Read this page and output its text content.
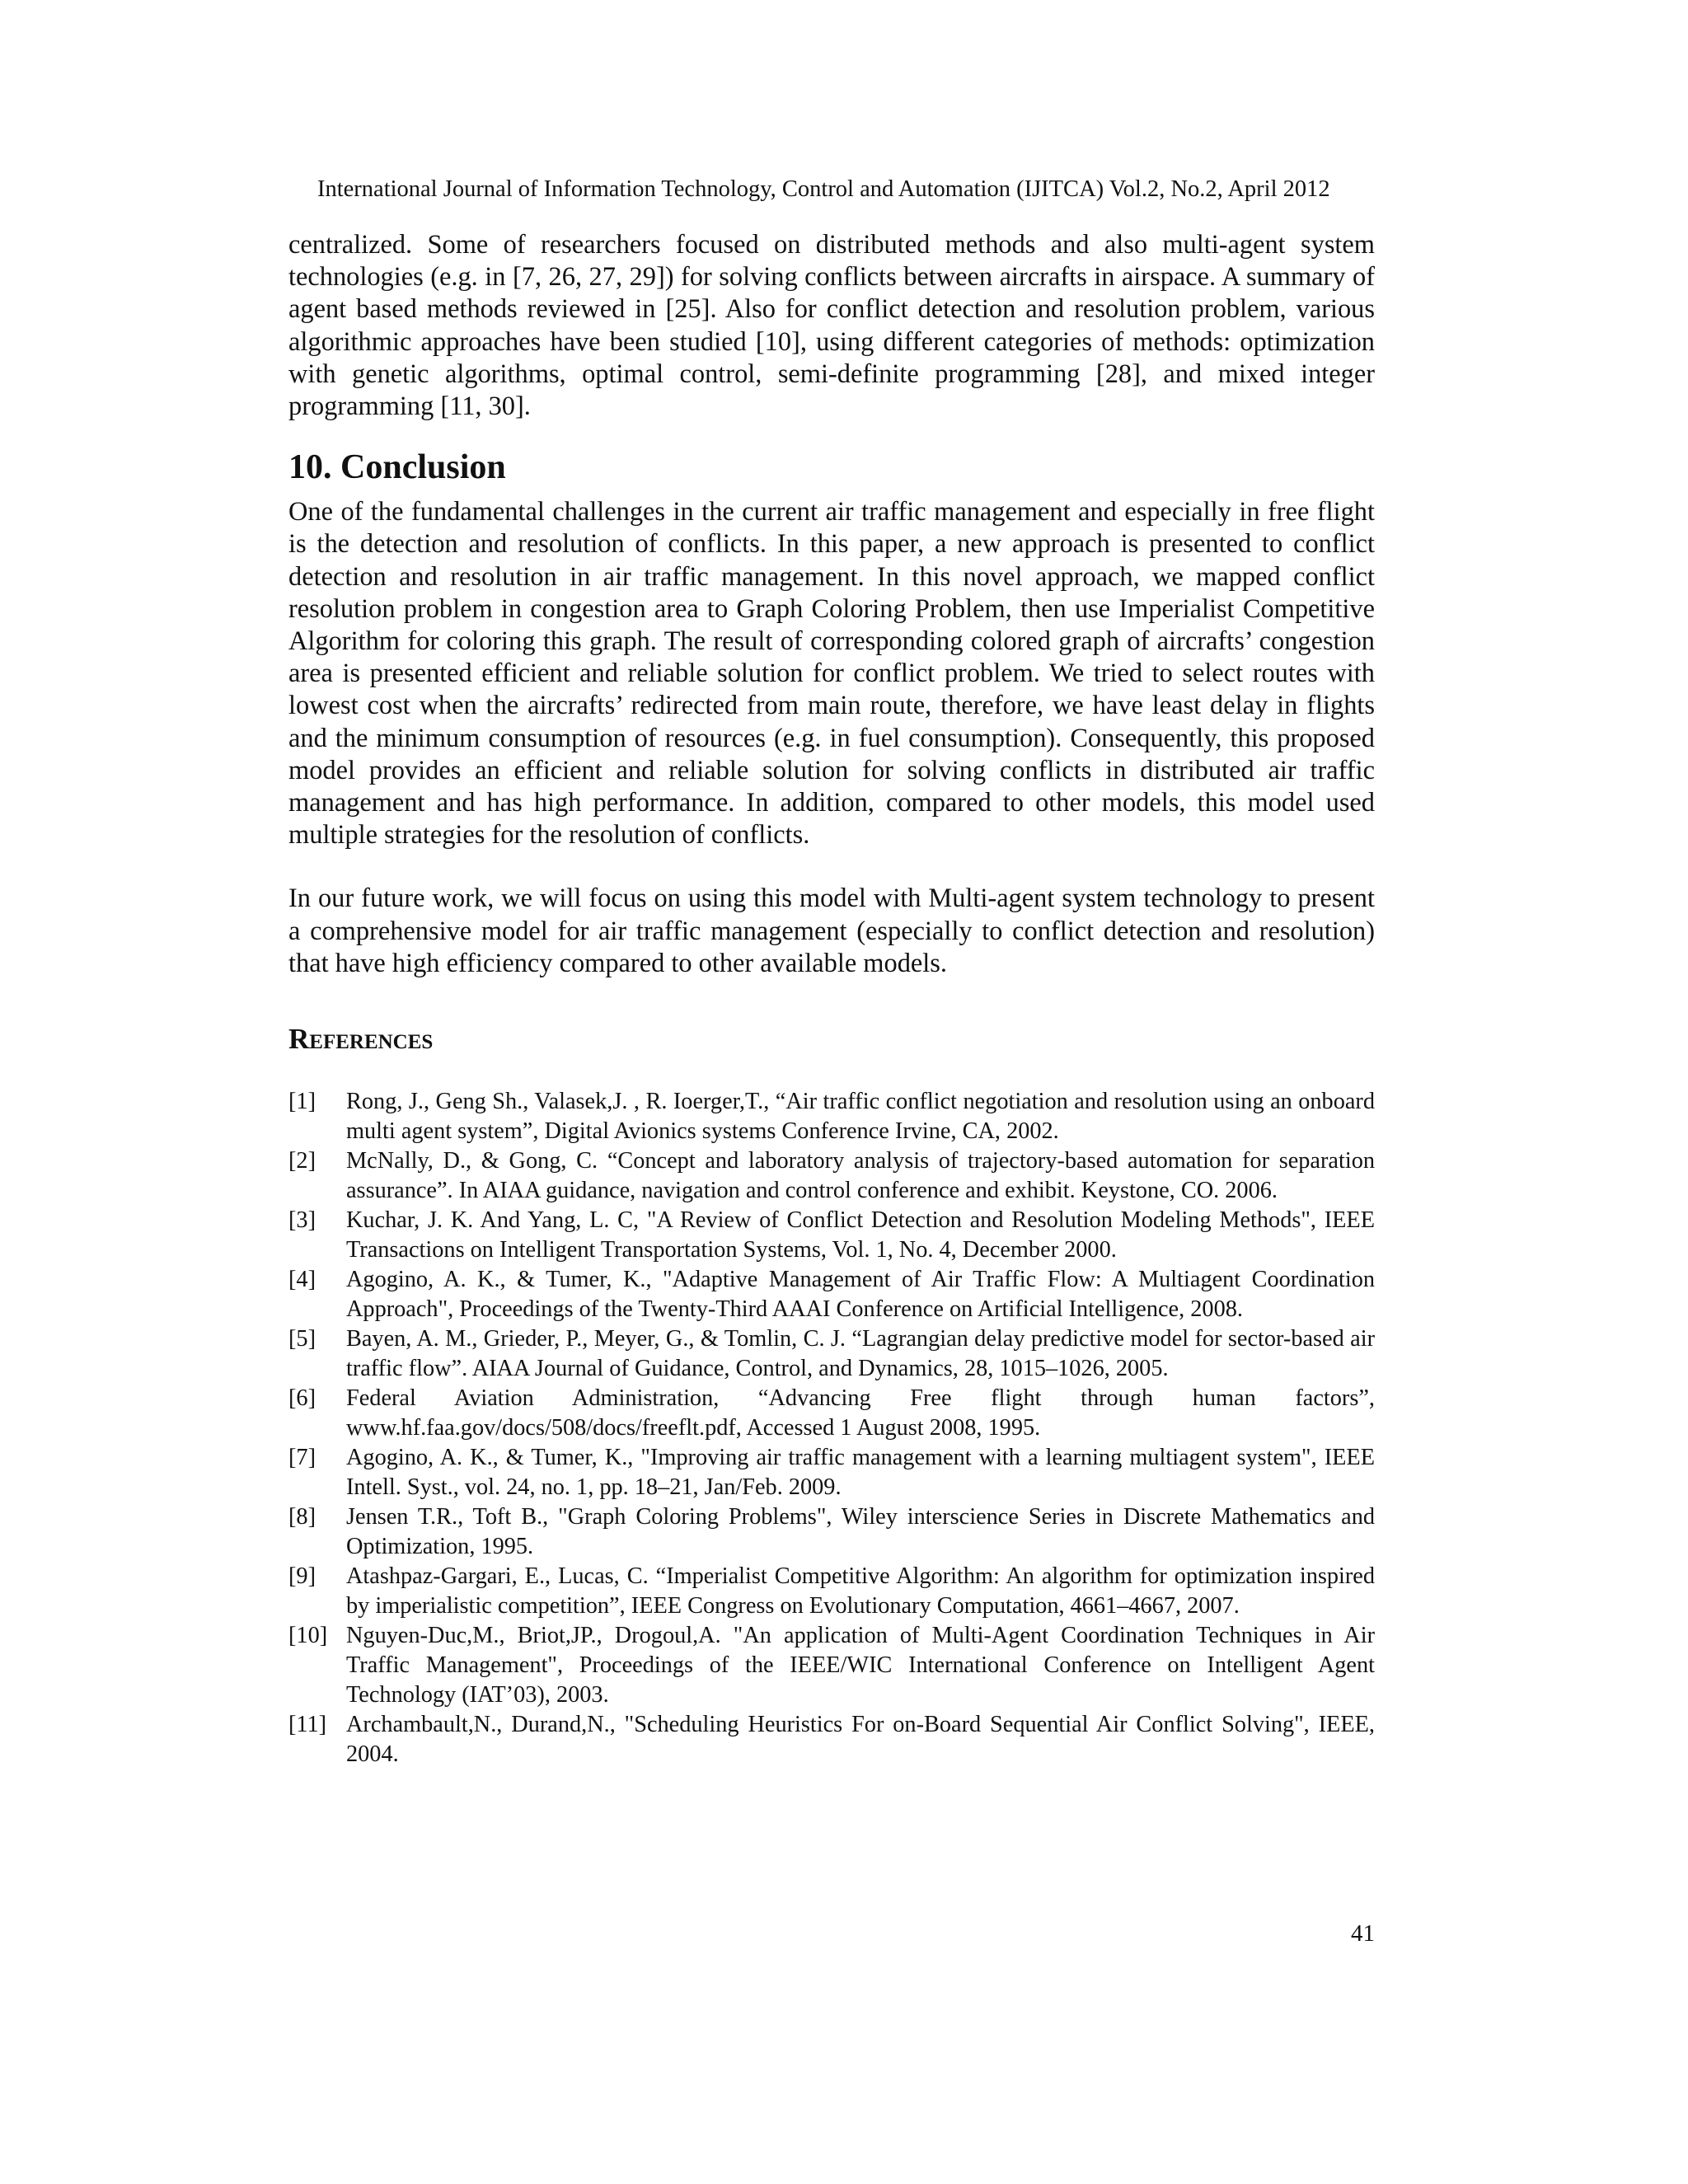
International Journal of Information Technology, Control and Automation (IJITCA) Vol.2, No.2, April 2012

centralized. Some of researchers focused on distributed methods and also multi-agent system technologies (e.g. in [7, 26, 27, 29]) for solving conflicts between aircrafts in airspace. A summary of agent based methods reviewed in [25]. Also for conflict detection and resolution problem, various algorithmic approaches have been studied [10], using different categories of methods: optimization with genetic algorithms, optimal control, semi-definite programming [28], and mixed integer programming [11, 30].

10. Conclusion

One of the fundamental challenges in the current air traffic management and especially in free flight is the detection and resolution of conflicts. In this paper, a new approach is presented to conflict detection and resolution in air traffic management. In this novel approach, we mapped conflict resolution problem in congestion area to Graph Coloring Problem, then use Imperialist Competitive Algorithm for coloring this graph. The result of corresponding colored graph of aircrafts’ congestion area is presented efficient and reliable solution for conflict problem. We tried to select routes with lowest cost when the aircrafts’ redirected from main route, therefore, we have least delay in flights and the minimum consumption of resources (e.g. in fuel consumption). Consequently, this proposed model provides an efficient and reliable solution for solving conflicts in distributed air traffic management and has high performance. In addition, compared to other models, this model used multiple strategies for the resolution of conflicts.

In our future work, we will focus on using this model with Multi-agent system technology to present a comprehensive model for air traffic management (especially to conflict detection and resolution) that have high efficiency compared to other available models.

References
[1]	Rong, J., Geng Sh., Valasek,J. , R. Ioerger,T., “Air traffic conflict negotiation and resolution using an onboard multi agent system”, Digital Avionics systems Conference Irvine, CA, 2002.
[2]	McNally, D., & Gong, C. “Concept and laboratory analysis of trajectory-based automation for separation assurance”. In AIAA guidance, navigation and control conference and exhibit. Keystone, CO. 2006.
[3]	Kuchar, J. K. And Yang, L. C, "A Review of Conflict Detection and Resolution Modeling Methods", IEEE Transactions on Intelligent Transportation Systems, Vol. 1, No. 4, December 2000.
[4]	Agogino, A. K., & Tumer, K., "Adaptive Management of Air Traffic Flow: A Multiagent Coordination Approach", Proceedings of the Twenty-Third AAAI Conference on Artificial Intelligence, 2008.
[5]	Bayen, A. M., Grieder, P., Meyer, G., & Tomlin, C. J. “Lagrangian delay predictive model for sector-based air traffic flow”. AIAA Journal of Guidance, Control, and Dynamics, 28, 1015–1026, 2005.
[6]	Federal Aviation Administration, “Advancing Free flight through human factors”, www.hf.faa.gov/docs/508/docs/freeflt.pdf, Accessed 1 August 2008, 1995.
[7]	Agogino, A. K., & Tumer, K., "Improving air traffic management with a learning multiagent system", IEEE Intell. Syst., vol. 24, no. 1, pp. 18–21, Jan/Feb. 2009.
[8]	Jensen T.R., Toft B., "Graph Coloring Problems", Wiley interscience Series in Discrete Mathematics and Optimization, 1995.
[9]	Atashpaz-Gargari, E., Lucas, C. “Imperialist Competitive Algorithm: An algorithm for optimization inspired by imperialistic competition”, IEEE Congress on Evolutionary Computation, 4661–4667, 2007.
[10] Nguyen-Duc,M., Briot,JP., Drogoul,A. "An application of Multi-Agent Coordination Techniques in Air Traffic Management", Proceedings of the IEEE/WIC International Conference on Intelligent Agent Technology (IAT’03), 2003.
[11] Archambault,N., Durand,N., "Scheduling Heuristics For on-Board Sequential Air Conflict Solving", IEEE, 2004.
41
